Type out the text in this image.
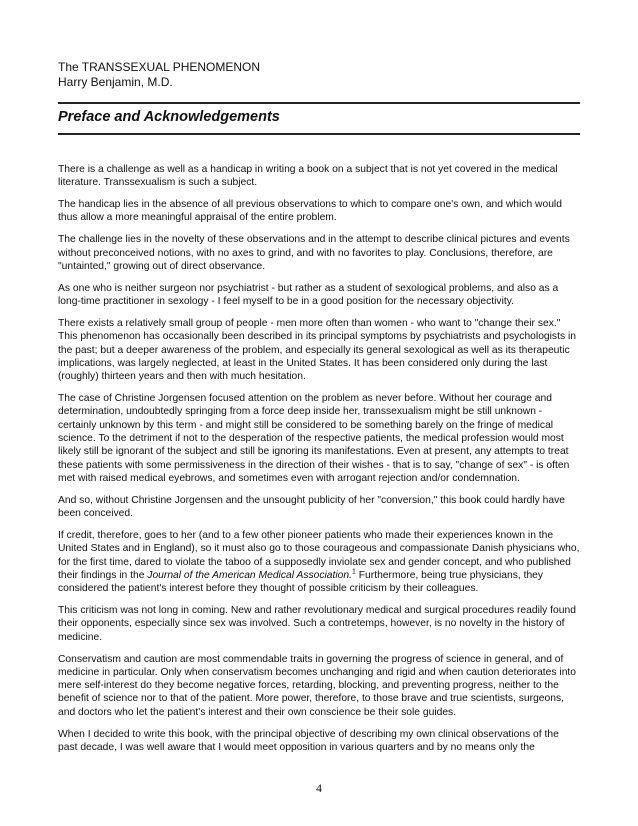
The TRANSSEXUAL PHENOMENON
Harry Benjamin, M.D.
Preface and Acknowledgements

There is a challenge as well as a handicap in writing a book on a subject that is not yet covered in the medical literature. Transsexualism is such a subject.

The handicap lies in the absence of all previous observations to which to compare one's own, and which would thus allow a more meaningful appraisal of the entire problem.

The challenge lies in the novelty of these observations and in the attempt to describe clinical pictures and events without preconceived notions, with no axes to grind, and with no favorites to play. Conclusions, therefore, are "untainted," growing out of direct observance.

As one who is neither surgeon nor psychiatrist - but rather as a student of sexological problems, and also as a long-time practitioner in sexology - I feel myself to be in a good position for the necessary objectivity.

There exists a relatively small group of people - men more often than women - who want to "change their sex." This phenomenon has occasionally been described in its principal symptoms by psychiatrists and psychologists in the past; but a deeper awareness of the problem, and especially its general sexological as well as its therapeutic implications, was largely neglected, at least in the United States. It has been considered only during the last (roughly) thirteen years and then with much hesitation.

The case of Christine Jorgensen focused attention on the problem as never before. Without her courage and determination, undoubtedly springing from a force deep inside her, transsexualism might be still unknown - certainly unknown by this term - and might still be considered to be something barely on the fringe of medical science. To the detriment if not to the desperation of the respective patients, the medical profession would most likely still be ignorant of the subject and still be ignoring its manifestations. Even at present, any attempts to treat these patients with some permissiveness in the direction of their wishes - that is to say, "change of sex" - is often met with raised medical eyebrows, and sometimes even with arrogant rejection and/or condemnation.

And so, without Christine Jorgensen and the unsought publicity of her "conversion," this book could hardly have been conceived.

If credit, therefore, goes to her (and to a few other pioneer patients who made their experiences known in the United States and in England), so it must also go to those courageous and compassionate Danish physicians who, for the first time, dared to violate the taboo of a supposedly inviolate sex and gender concept, and who published their findings in the Journal of the American Medical Association.$^1$ Furthermore, being true physicians, they considered the patient's interest before they thought of possible criticism by their colleagues.

This criticism was not long in coming. New and rather revolutionary medical and surgical procedures readily found their opponents, especially since sex was involved. Such a contretemps, however, is no novelty in the history of medicine.

Conservatism and caution are most commendable traits in governing the progress of science in general, and of medicine in particular. Only when conservatism becomes unchanging and rigid and when caution deteriorates into mere self-interest do they become negative forces, retarding, blocking, and preventing progress, neither to the benefit of science nor to that of the patient. More power, therefore, to those brave and true scientists, surgeons, and doctors who let the patient's interest and their own conscience be their sole guides.

When I decided to write this book, with the principal objective of describing my own clinical observations of the past decade, I was well aware that I would meet opposition in various quarters and by no means only the

4
